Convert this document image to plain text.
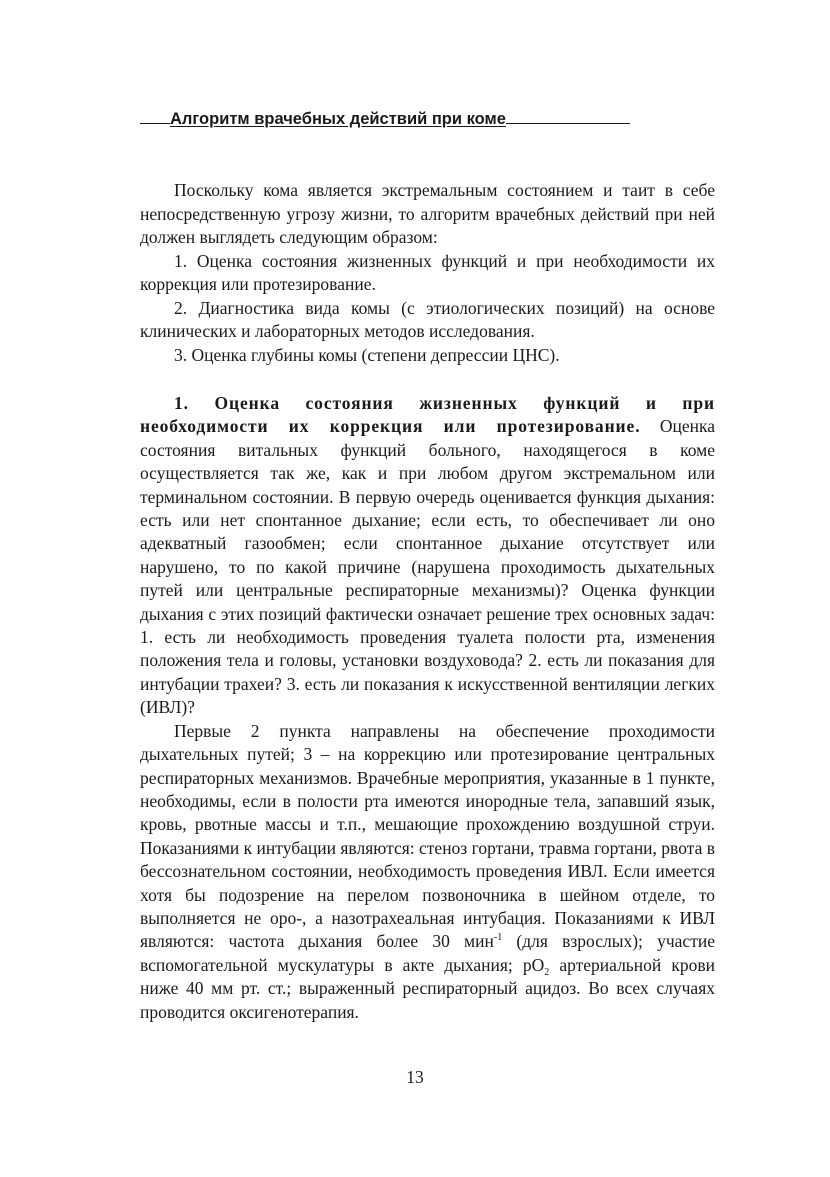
Алгоритм врачебных действий при коме

Поскольку кома является экстремальным состоянием и таит в себе непосредственную угрозу жизни, то алгоритм врачебных действий при ней должен выглядеть следующим образом:

1. Оценка состояния жизненных функций и при необходимости их коррекция или протезирование.

2. Диагностика вида комы (с этиологических позиций) на основе клинических и лабораторных методов исследования.

3. Оценка глубины комы (степени депрессии ЦНС).

1. Оценка состояния жизненных функций и при необходимости их коррекция или протезирование. Оценка состояния витальных функций больного, находящегося в коме осуществляется так же, как и при любом другом экстремальном или терминальном состоянии. В первую очередь оценивается функция дыхания: есть или нет спонтанное дыхание; если есть, то обеспечивает ли оно адекватный газообмен; если спонтанное дыхание отсутствует или нарушено, то по какой причине (нарушена проходимость дыхательных путей или центральные респираторные механизмы)? Оценка функции дыхания с этих позиций фактически означает решение трех основных задач: 1. есть ли необходимость проведения туалета полости рта, изменения положения тела и головы, установки воздуховода? 2. есть ли показания для интубации трахеи? 3. есть ли показания к искусственной вентиляции легких (ИВЛ)?

Первые 2 пункта направлены на обеспечение проходимости дыхательных путей; 3 – на коррекцию или протезирование центральных респираторных механизмов. Врачебные мероприятия, указанные в 1 пункте, необходимы, если в полости рта имеются инородные тела, запавший язык, кровь, рвотные массы и т.п., мешающие прохождению воздушной струи. Показаниями к интубации являются: стеноз гортани, травма гортани, рвота в бессознательном состоянии, необходимость проведения ИВЛ. Если имеется хотя бы подозрение на перелом позвоночника в шейном отделе, то выполняется не оро-, а назотрахеальная интубация. Показаниями к ИВЛ являются: частота дыхания более 30 мин$^{-1}$ (для взрослых); участие вспомогательной мускулатуры в акте дыхания; $pO_2$ артериальной крови ниже 40 мм рт. ст.; выраженный респираторный ацидоз. Во всех случаях проводится оксигенотерапия.

13
